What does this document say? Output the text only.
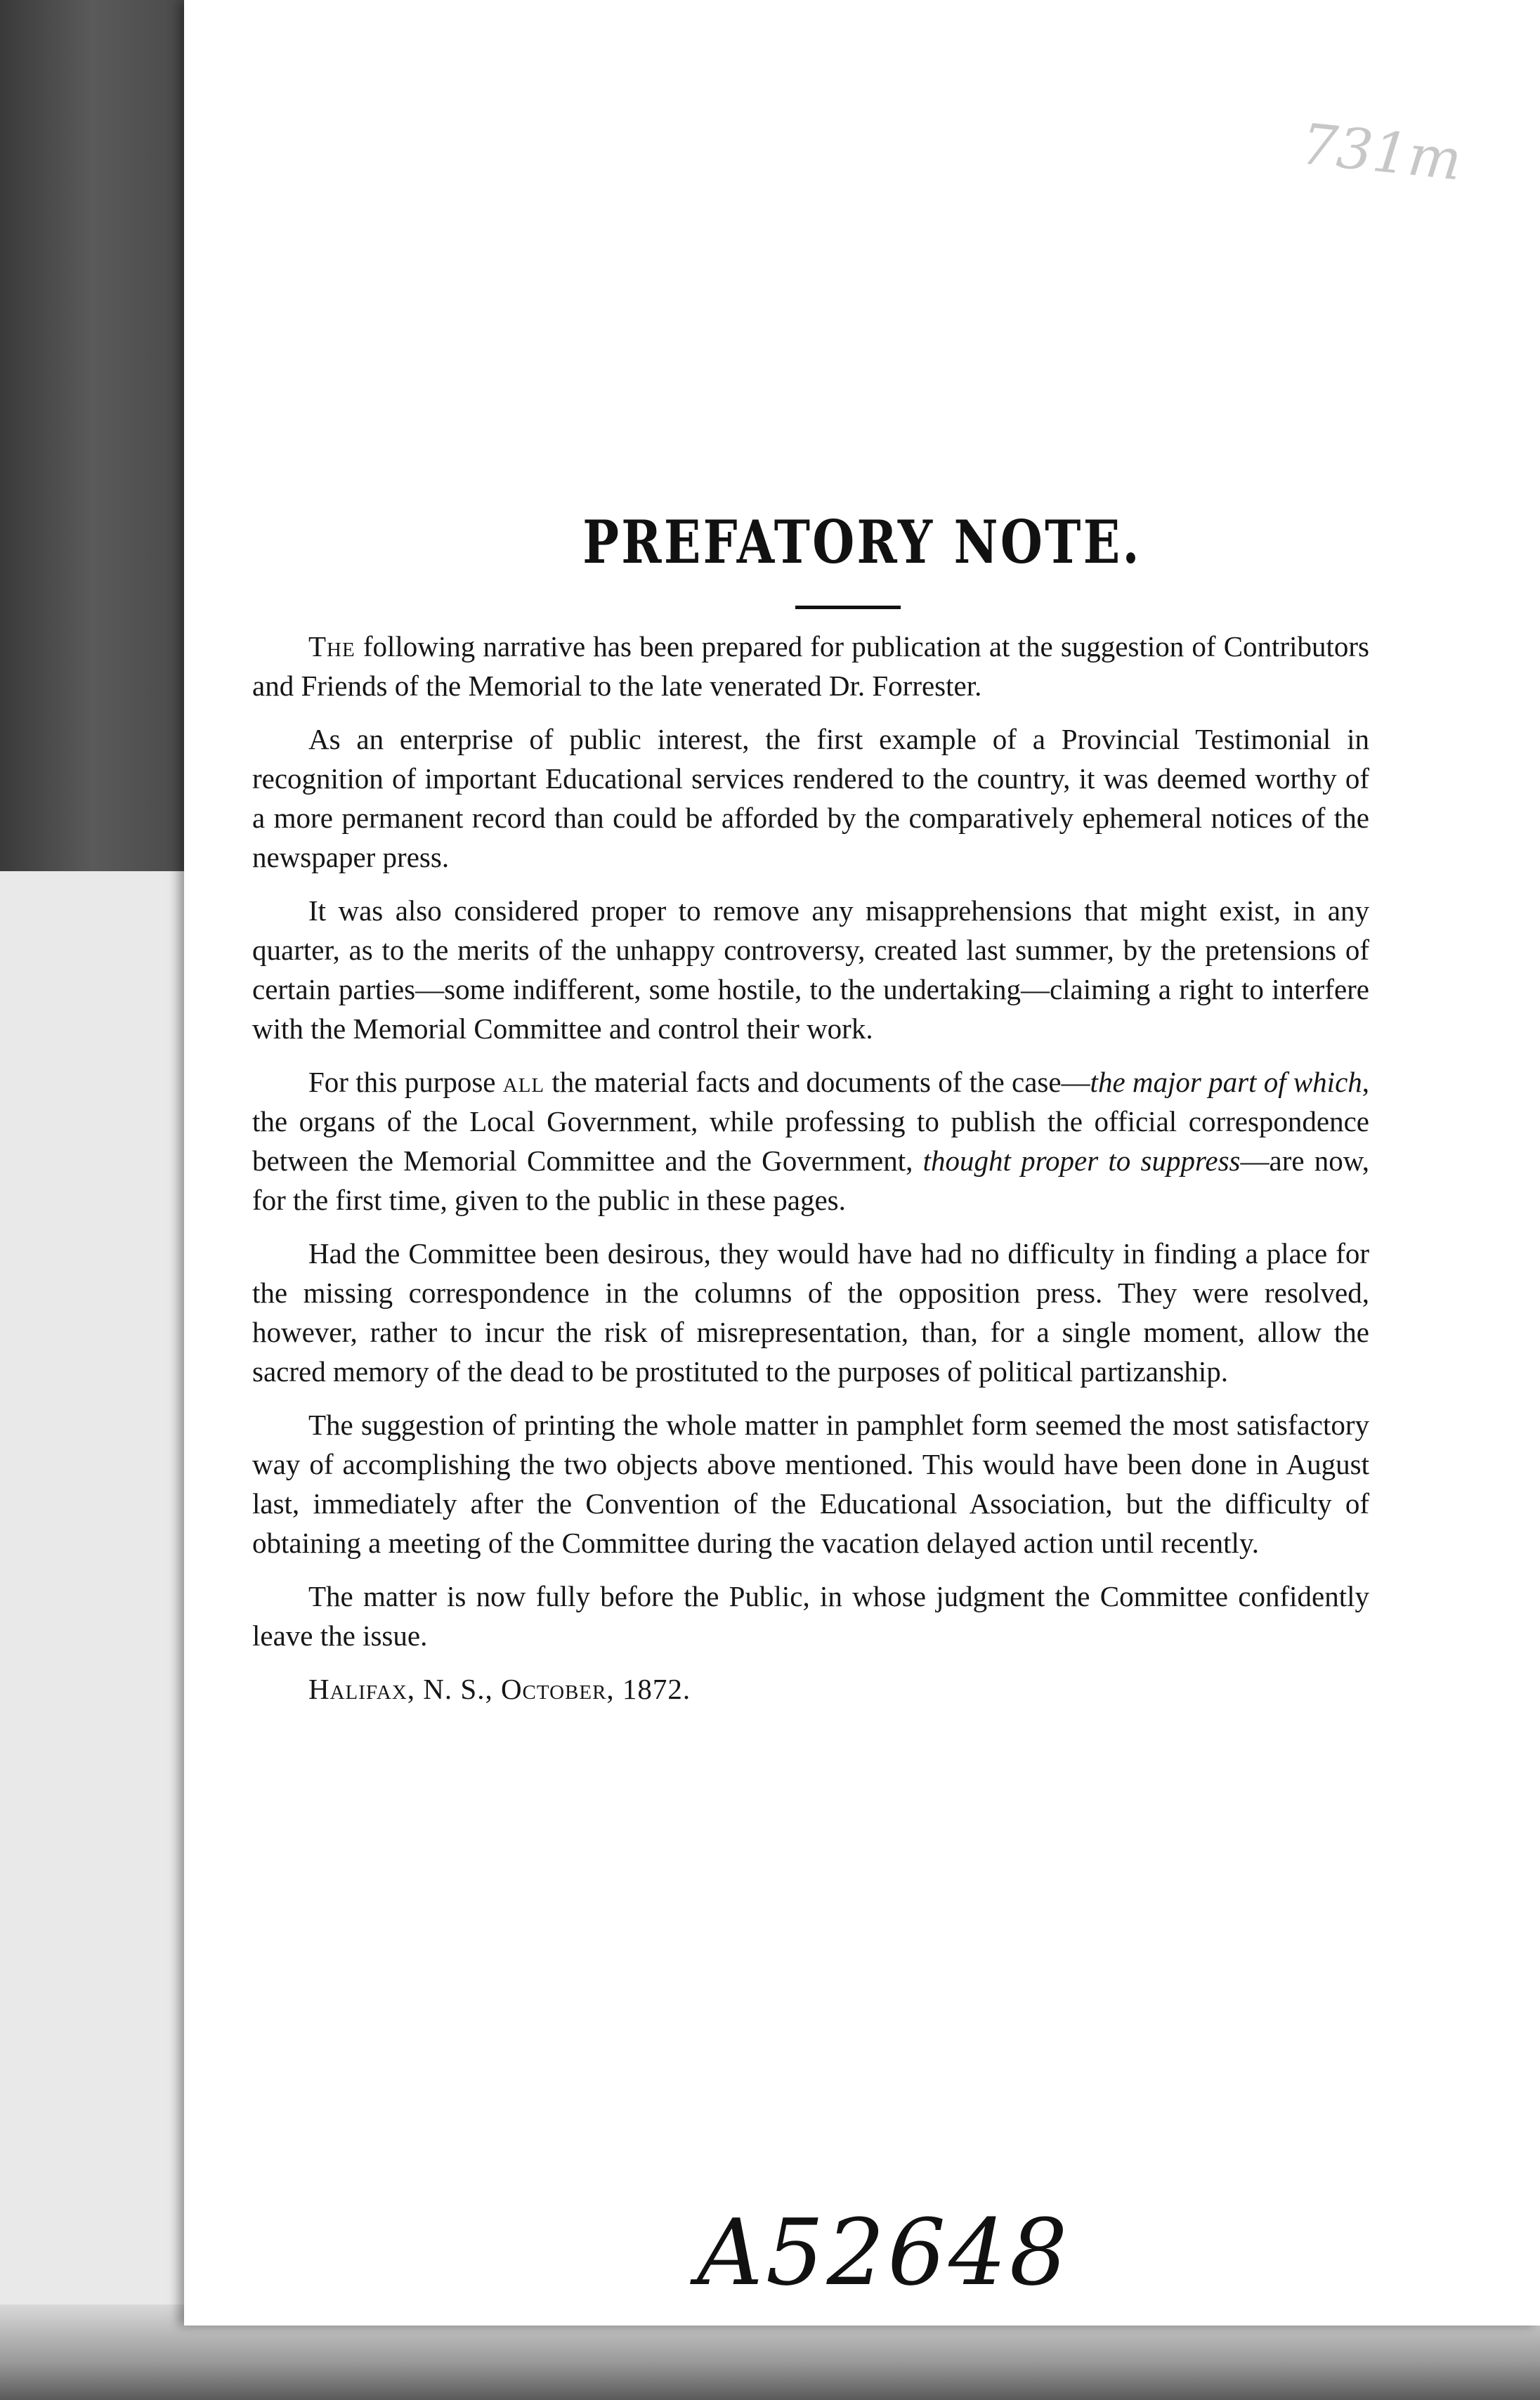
731m
PREFATORY NOTE.

The following narrative has been prepared for publication at the suggestion of Contributors and Friends of the Memorial to the late venerated Dr. Forrester.

As an enterprise of public interest, the first example of a Provincial Testimonial in recognition of important Educational services rendered to the country, it was deemed worthy of a more permanent record than could be afforded by the comparatively ephemeral notices of the newspaper press.

It was also considered proper to remove any misapprehensions that might exist, in any quarter, as to the merits of the unhappy controversy, created last summer, by the pretensions of certain parties—some indifferent, some hostile, to the undertaking—claiming a right to interfere with the Memorial Committee and control their work.

For this purpose all the material facts and documents of the case—the major part of which, the organs of the Local Government, while professing to publish the official correspondence between the Memorial Committee and the Government, thought proper to suppress—are now, for the first time, given to the public in these pages.

Had the Committee been desirous, they would have had no difficulty in finding a place for the missing correspondence in the columns of the opposition press. They were resolved, however, rather to incur the risk of misrepresentation, than, for a single moment, allow the sacred memory of the dead to be prostituted to the purposes of political partizanship.

The suggestion of printing the whole matter in pamphlet form seemed the most satisfactory way of accomplishing the two objects above mentioned. This would have been done in August last, immediately after the Convention of the Educational Association, but the difficulty of obtaining a meeting of the Committee during the vacation delayed action until recently.

The matter is now fully before the Public, in whose judgment the Committee confidently leave the issue.

Halifax, N. S., October, 1872.
A52648
